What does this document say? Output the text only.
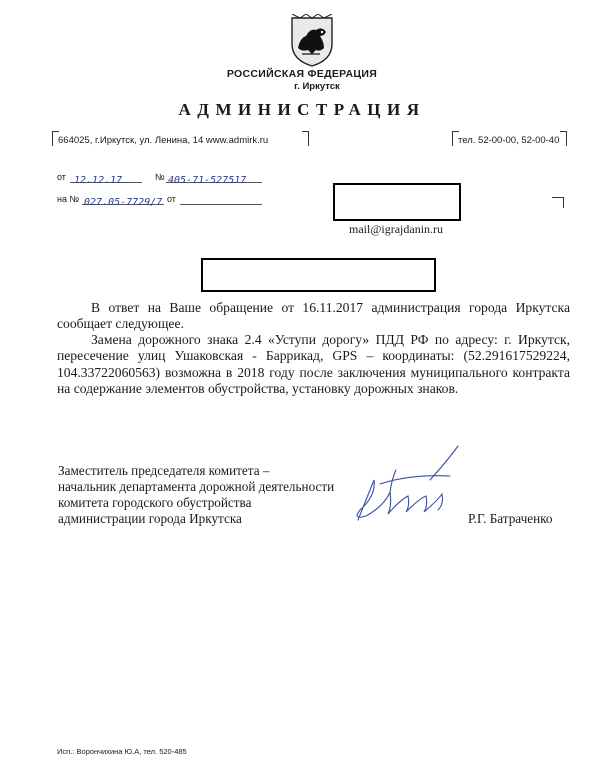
РОССИЙСКАЯ ФЕДЕРАЦИЯ
г. Иркутск
АДМИНИСТРАЦИЯ
664025, г.Иркутск, ул. Ленина, 14 www.admirk.ru	тел. 52-00-00, 52-00-40
от 12.12.17	№ 405-71-527517
на № 027.05-7729/7 от
mail@igrajdanin.ru
В ответ на Ваше обращение от 16.11.2017 администрация города Иркутска сообщает следующее.
Замена дорожного знака 2.4 «Уступи дорогу» ПДД РФ по адресу: г. Иркутск, пересечение улиц Ушаковская - Баррикад, GPS – координаты: (52.291617529224, 104.33722060563) возможна в 2018 году после заключения муниципального контракта на содержание элементов обустройства, установку дорожных знаков.
Заместитель председателя комитета –
начальник департамента дорожной деятельности
комитета городского обустройства
администрации города Иркутска	Р.Г. Батраченко
Исп.: Ворончихина Ю.А, тел. 520-485
